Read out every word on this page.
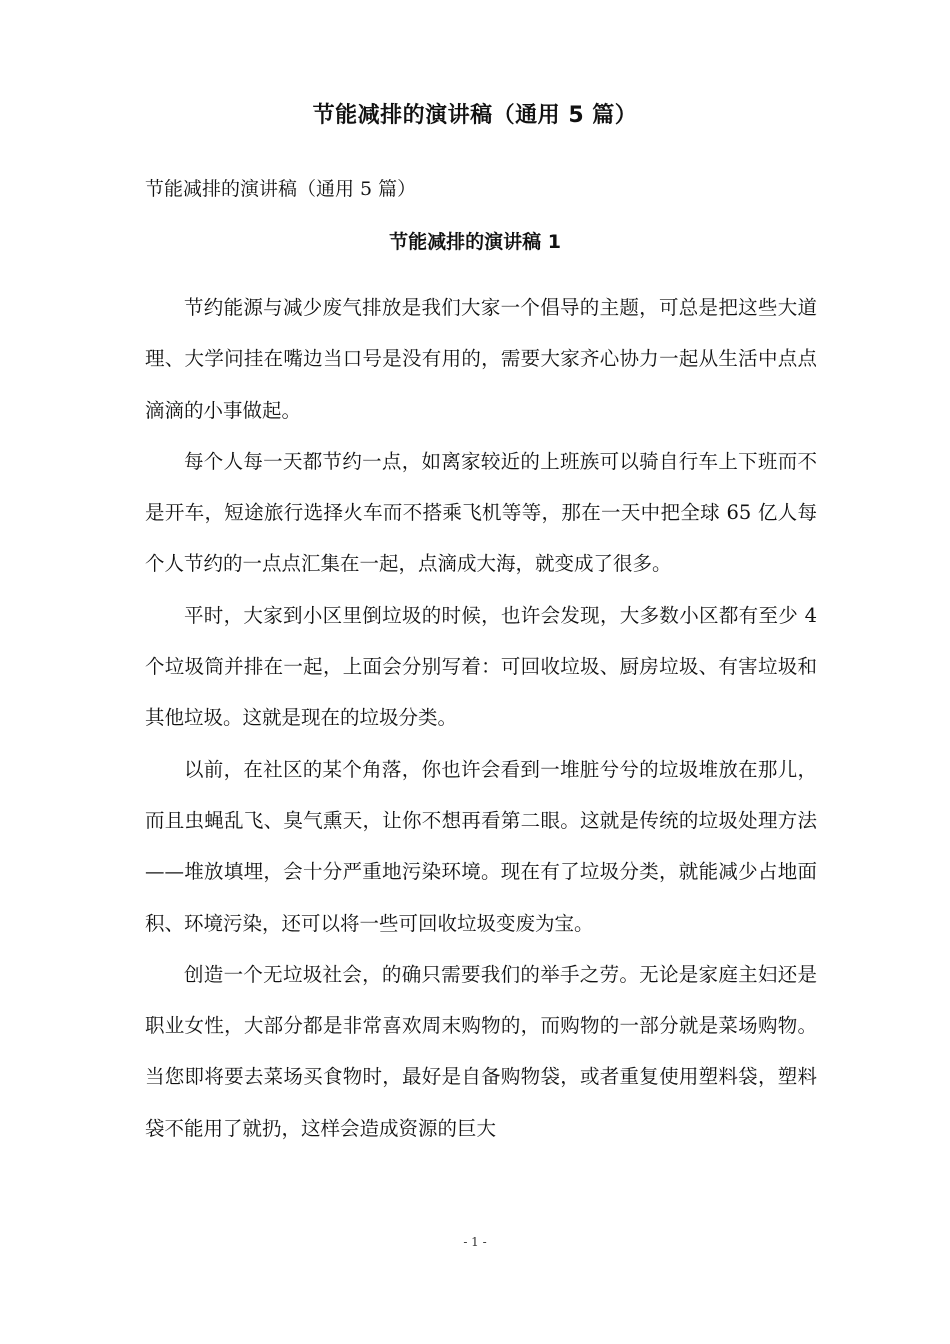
节能减排的演讲稿（通用 5 篇）
节能减排的演讲稿（通用 5 篇）
节能减排的演讲稿 1

节约能源与减少废气排放是我们大家一个倡导的主题，可总是把这些大道理、大学问挂在嘴边当口号是没有用的，需要大家齐心协力一起从生活中点点滴滴的小事做起。

每个人每一天都节约一点，如离家较近的上班族可以骑自行车上下班而不是开车，短途旅行选择火车而不搭乘飞机等等，那在一天中把全球 65 亿人每个人节约的一点点汇集在一起，点滴成大海，就变成了很多。

平时，大家到小区里倒垃圾的时候，也许会发现，大多数小区都有至少 4 个垃圾筒并排在一起，上面会分别写着：可回收垃圾、厨房垃圾、有害垃圾和其他垃圾。这就是现在的垃圾分类。

以前，在社区的某个角落，你也许会看到一堆脏兮兮的垃圾堆放在那儿，而且虫蝇乱飞、臭气熏天，让你不想再看第二眼。这就是传统的垃圾处理方法——堆放填埋，会十分严重地污染环境。现在有了垃圾分类，就能减少占地面积、环境污染，还可以将一些可回收垃圾变废为宝。

创造一个无垃圾社会，的确只需要我们的举手之劳。无论是家庭主妇还是职业女性，大部分都是非常喜欢周末购物的，而购物的一部分就是菜场购物。当您即将要去菜场买食物时，最好是自备购物袋，或者重复使用塑料袋，塑料袋不能用了就扔，这样会造成资源的巨大

- 1 -
